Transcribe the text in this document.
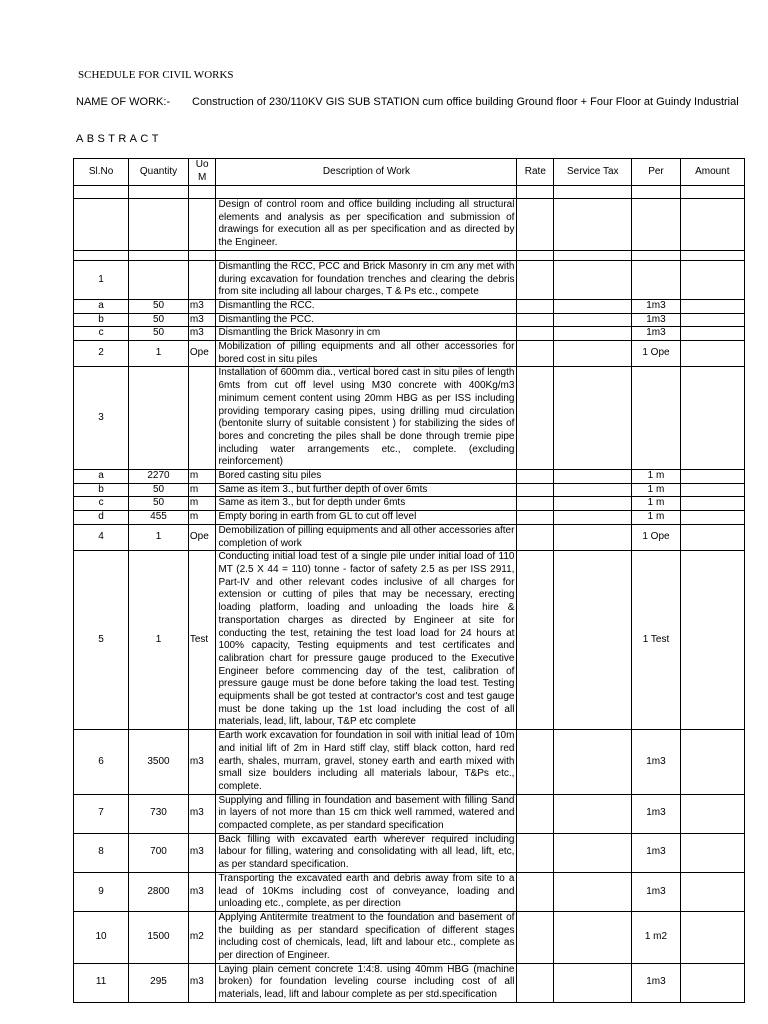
SCHEDULE FOR CIVIL WORKS
NAME OF WORK:- Construction of 230/110KV GIS SUB STATION cum office building Ground floor + Four Floor at Guindy Industrial
ABSTRACT
Sl.No	Quantity	Uo M	Description of Work	Rate	Service Tax	Per	Amount

			Design of control room and office building including all structural elements and analysis as per specification and submission of drawings for execution all as per specification and as directed by the Engineer.				

1			Dismantling the RCC, PCC and Brick Masonry in cm any met with during excavation for foundation trenches and clearing the debris from site including all labour charges, T & Ps etc., compete				
a	50	m3	Dismantling the RCC.			1m3	
b	50	m3	Dismantling the PCC.			1m3	
c	50	m3	Dismantling the Brick Masonry in cm			1m3	
2	1	Ope	Mobilization of pilling equipments and all other accessories for bored cost in situ piles			1 Ope	
3			Installation of 600mm dia., vertical bored cast in situ piles of length 6mts from cut off level using M30 concrete with 400Kg/m3 minimum cement content using 20mm HBG as per ISS including providing temporary casing pipes, using drilling mud circulation (bentonite slurry of suitable consistent ) for stabilizing the sides of bores and concreting the piles shall be done through tremie pipe including water arrangements etc., complete. (excluding reinforcement)				
a	2270	m	Bored casting situ piles			1 m	
b	50	m	Same as item 3., but further depth of over 6mts			1 m	
c	50	m	Same as item 3., but for depth under 6mts			1 m	
d	455	m	Empty boring in earth from GL to cut off level			1 m	
4	1	Ope	Demobilization of pilling equipments and all other accessories after completion of work			1 Ope	
5	1	Test	Conducting initial load test of a single pile under initial load of 110 MT (2.5 X 44 = 110) tonne - factor of safety 2.5 as per ISS 2911, Part-IV and other relevant codes inclusive of all charges for extension or cutting of piles that may be necessary, erecting loading platform, loading and unloading the loads hire & transportation charges as directed by Engineer at site for conducting the test, retaining the test load load for 24 hours at 100% capacity, Testing equipments and test certificates and calibration chart for pressure gauge produced to the Executive Engineer before commencing day of the test, calibration of pressure gauge must be done before taking the load test. Testing equipments shall be got tested at contractor's cost and test gauge must be done taking up the 1st load including the cost of all materials, lead, lift, labour, T&P etc complete			1 Test	
6	3500	m3	Earth work excavation for foundation in soil with initial lead of 10m and initial lift of 2m in Hard stiff clay, stiff black cotton, hard red earth, shales, murram, gravel, stoney earth and earth mixed with small size boulders including all materials labour, T&Ps etc., complete.			1m3	
7	730	m3	Supplying and filling in foundation and basement with filling Sand in layers of not more than 15 cm thick well rammed, watered and compacted complete, as per standard specification			1m3	
8	700	m3	Back filling with excavated earth wherever required including labour for filling, watering and consolidating with all lead, lift, etc, as per standard specification.			1m3	
9	2800	m3	Transporting the excavated earth and debris away from site to a lead of 10Kms including cost of conveyance, loading and unloading etc., complete, as per direction			1m3	
10	1500	m2	Applying Antitermite treatment to the foundation and basement of the building as per standard specification of different stages including cost of chemicals, lead, lift and labour etc., complete as per direction of Engineer.			1 m2	
11	295	m3	Laying plain cement concrete 1:4:8. using 40mm HBG (machine broken) for foundation leveling course including cost of all materials, lead, lift and labour complete as per std.specification			1m3	
